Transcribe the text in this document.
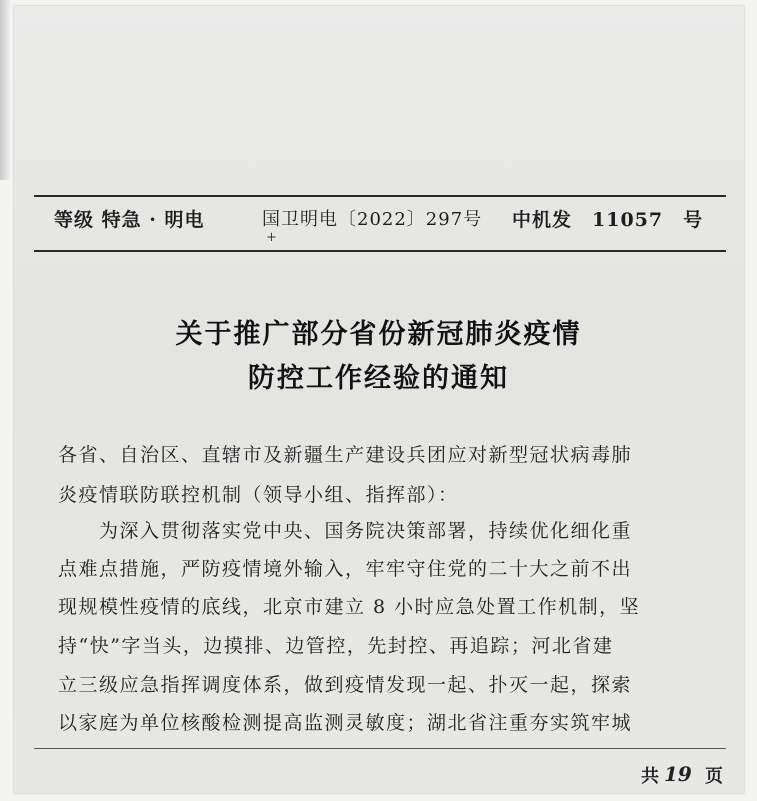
等级 特急 · 明电	国卫明电〔2022〕297号
+
中机发　11057　号
关于推广部分省份新冠肺炎疫情
防控工作经验的通知
各省、自治区、直辖市及新疆生产建设兵团应对新型冠状病毒肺
炎疫情联防联控机制（领导小组、指挥部）：
　　为深入贯彻落实党中央、国务院决策部署，持续优化细化重
点难点措施，严防疫情境外输入，牢牢守住党的二十大之前不出
现规模性疫情的底线，北京市建立 8 小时应急处置工作机制，坚
持“快”字当头，边摸排、边管控，先封控、再追踪；河北省建
立三级应急指挥调度体系，做到疫情发现一起、扑灭一起，探索
以家庭为单位核酸检测提高监测灵敏度；湖北省注重夯实筑牢城
共 19 页
